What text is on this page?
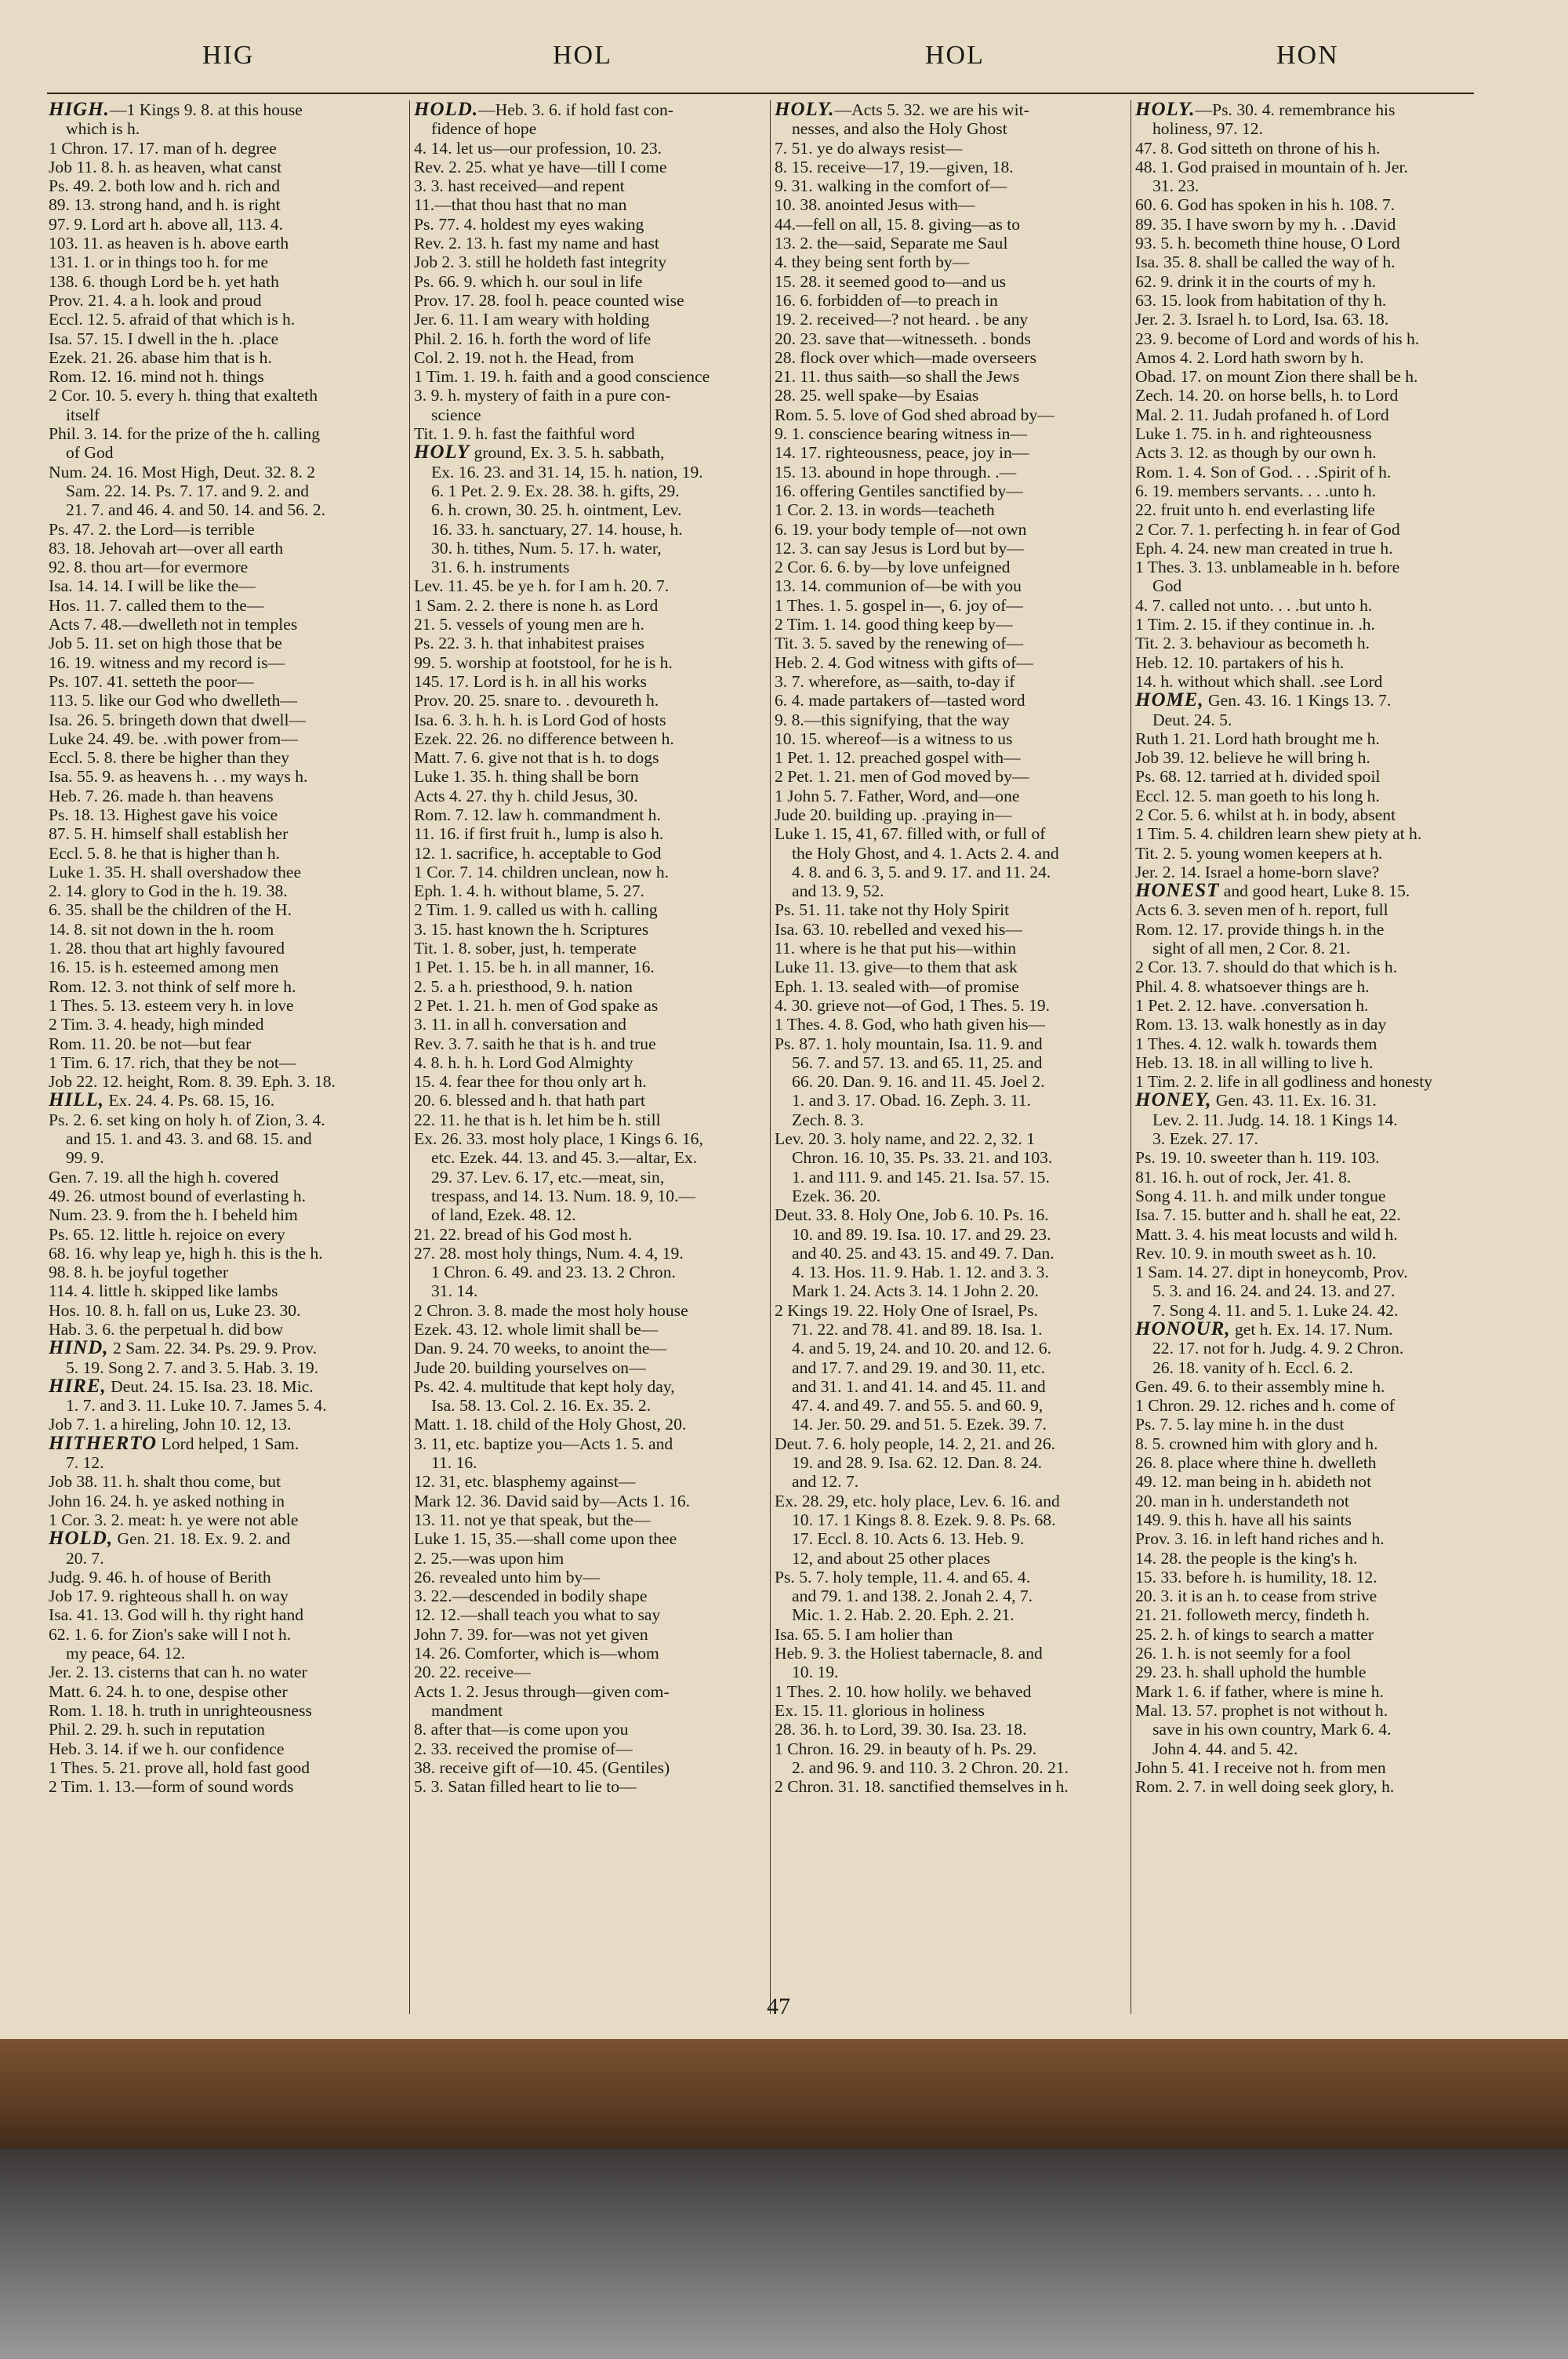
HIG	HOL	HOL	HON
HIGH.—1 Kings 9. 8. at this house
which is h.
1 Chron. 17. 17. man of h. degree
Job 11. 8. h. as heaven, what canst
Ps. 49. 2. both low and h. rich and
89. 13. strong hand, and h. is right
97. 9. Lord art h. above all, 113. 4.
103. 11. as heaven is h. above earth
131. 1. or in things too h. for me
138. 6. though Lord be h. yet hath
Prov. 21. 4. a h. look and proud
Eccl. 12. 5. afraid of that which is h.
Isa. 57. 15. I dwell in the h. .place
Ezek. 21. 26. abase him that is h.
Rom. 12. 16. mind not h. things
2 Cor. 10. 5. every h. thing that exalteth
itself
Phil. 3. 14. for the prize of the h. calling
of God
Num. 24. 16. Most High, Deut. 32. 8. 2
Sam. 22. 14. Ps. 7. 17. and 9. 2. and
21. 7. and 46. 4. and 50. 14. and 56. 2.
Ps. 47. 2. the Lord—is terrible
83. 18. Jehovah art—over all earth
92. 8. thou art—for evermore
Isa. 14. 14. I will be like the—
Hos. 11. 7. called them to the—
Acts 7. 48.—dwelleth not in temples
Job 5. 11. set on high those that be
16. 19. witness and my record is—
Ps. 107. 41. setteth the poor—
113. 5. like our God who dwelleth—
Isa. 26. 5. bringeth down that dwell—
Luke 24. 49. be. .with power from—
Eccl. 5. 8. there be higher than they
Isa. 55. 9. as heavens h. . . my ways h.
Heb. 7. 26. made h. than heavens
Ps. 18. 13. Highest gave his voice
87. 5. H. himself shall establish her
Eccl. 5. 8. he that is higher than h.
Luke 1. 35. H. shall overshadow thee
2. 14. glory to God in the h. 19. 38.
6. 35. shall be the children of the H.
14. 8. sit not down in the h. room
1. 28. thou that art highly favoured
16. 15. is h. esteemed among men
Rom. 12. 3. not think of self more h.
1 Thes. 5. 13. esteem very h. in love
2 Tim. 3. 4. heady, high minded
Rom. 11. 20. be not—but fear
1 Tim. 6. 17. rich, that they be not—
Job 22. 12. height, Rom. 8. 39. Eph. 3. 18.
HILL, Ex. 24. 4. Ps. 68. 15, 16.
Ps. 2. 6. set king on holy h. of Zion, 3. 4.
and 15. 1. and 43. 3. and 68. 15. and
99. 9.
Gen. 7. 19. all the high h. covered
49. 26. utmost bound of everlasting h.
Num. 23. 9. from the h. I beheld him
Ps. 65. 12. little h. rejoice on every
68. 16. why leap ye, high h. this is the h.
98. 8. h. be joyful together
114. 4. little h. skipped like lambs
Hos. 10. 8. h. fall on us, Luke 23. 30.
Hab. 3. 6. the perpetual h. did bow
HIND, 2 Sam. 22. 34. Ps. 29. 9. Prov.
5. 19. Song 2. 7. and 3. 5. Hab. 3. 19.
HIRE, Deut. 24. 15. Isa. 23. 18. Mic.
1. 7. and 3. 11. Luke 10. 7. James 5. 4.
Job 7. 1. a hireling, John 10. 12, 13.
HITHERTO Lord helped, 1 Sam.
7. 12.
Job 38. 11. h. shalt thou come, but
John 16. 24. h. ye asked nothing in
1 Cor. 3. 2. meat: h. ye were not able
HOLD, Gen. 21. 18. Ex. 9. 2. and
20. 7.
Judg. 9. 46. h. of house of Berith
Job 17. 9. righteous shall h. on way
Isa. 41. 13. God will h. thy right hand
62. 1. 6. for Zion's sake will I not h.
my peace, 64. 12.
Jer. 2. 13. cisterns that can h. no water
Matt. 6. 24. h. to one, despise other
Rom. 1. 18. h. truth in unrighteousness
Phil. 2. 29. h. such in reputation
Heb. 3. 14. if we h. our confidence
1 Thes. 5. 21. prove all, hold fast good
2 Tim. 1. 13.—form of sound words
HOLD.—Heb. 3. 6. if hold fast con-
fidence of hope
4. 14. let us—our profession, 10. 23.
Rev. 2. 25. what ye have—till I come
3. 3. hast received—and repent
11.—that thou hast that no man
Ps. 77. 4. holdest my eyes waking
Rev. 2. 13. h. fast my name and hast
Job 2. 3. still he holdeth fast integrity
Ps. 66. 9. which h. our soul in life
Prov. 17. 28. fool h. peace counted wise
Jer. 6. 11. I am weary with holding
Phil. 2. 16. h. forth the word of life
Col. 2. 19. not h. the Head, from
1 Tim. 1. 19. h. faith and a good conscience
3. 9. h. mystery of faith in a pure con-
science
Tit. 1. 9. h. fast the faithful word
HOLY ground, Ex. 3. 5. h. sabbath,
Ex. 16. 23. and 31. 14, 15. h. nation, 19.
6. 1 Pet. 2. 9. Ex. 28. 38. h. gifts, 29.
6. h. crown, 30. 25. h. ointment, Lev.
16. 33. h. sanctuary, 27. 14. house, h.
30. h. tithes, Num. 5. 17. h. water,
31. 6. h. instruments
Lev. 11. 45. be ye h. for I am h. 20. 7.
1 Sam. 2. 2. there is none h. as Lord
21. 5. vessels of young men are h.
Ps. 22. 3. h. that inhabitest praises
99. 5. worship at footstool, for he is h.
145. 17. Lord is h. in all his works
Prov. 20. 25. snare to. . devoureth h.
Isa. 6. 3. h. h. h. is Lord God of hosts
Ezek. 22. 26. no difference between h.
Matt. 7. 6. give not that is h. to dogs
Luke 1. 35. h. thing shall be born
Acts 4. 27. thy h. child Jesus, 30.
Rom. 7. 12. law h. commandment h.
11. 16. if first fruit h., lump is also h.
12. 1. sacrifice, h. acceptable to God
1 Cor. 7. 14. children unclean, now h.
Eph. 1. 4. h. without blame, 5. 27.
2 Tim. 1. 9. called us with h. calling
3. 15. hast known the h. Scriptures
Tit. 1. 8. sober, just, h. temperate
1 Pet. 1. 15. be h. in all manner, 16.
2. 5. a h. priesthood, 9. h. nation
2 Pet. 1. 21. h. men of God spake as
3. 11. in all h. conversation and
Rev. 3. 7. saith he that is h. and true
4. 8. h. h. h. Lord God Almighty
15. 4. fear thee for thou only art h.
20. 6. blessed and h. that hath part
22. 11. he that is h. let him be h. still
Ex. 26. 33. most holy place, 1 Kings 6. 16,
etc. Ezek. 44. 13. and 45. 3.—altar, Ex.
29. 37. Lev. 6. 17, etc.—meat, sin,
trespass, and 14. 13. Num. 18. 9, 10.—
of land, Ezek. 48. 12.
21. 22. bread of his God most h.
27. 28. most holy things, Num. 4. 4, 19.
1 Chron. 6. 49. and 23. 13. 2 Chron.
31. 14.
2 Chron. 3. 8. made the most holy house
Ezek. 43. 12. whole limit shall be—
Dan. 9. 24. 70 weeks, to anoint the—
Jude 20. building yourselves on—
Ps. 42. 4. multitude that kept holy day,
Isa. 58. 13. Col. 2. 16. Ex. 35. 2.
Matt. 1. 18. child of the Holy Ghost, 20.
3. 11, etc. baptize you—Acts 1. 5. and
11. 16.
12. 31, etc. blasphemy against—
Mark 12. 36. David said by—Acts 1. 16.
13. 11. not ye that speak, but the—
Luke 1. 15, 35.—shall come upon thee
2. 25.—was upon him
26. revealed unto him by—
3. 22.—descended in bodily shape
12. 12.—shall teach you what to say
John 7. 39. for—was not yet given
14. 26. Comforter, which is—whom
20. 22. receive—
Acts 1. 2. Jesus through—given com-
mandment
8. after that—is come upon you
2. 33. received the promise of—
38. receive gift of—10. 45. (Gentiles)
5. 3. Satan filled heart to lie to—
HOLY.—Acts 5. 32. we are his wit-
nesses, and also the Holy Ghost
7. 51. ye do always resist—
8. 15. receive—17, 19.—given, 18.
9. 31. walking in the comfort of—
10. 38. anointed Jesus with—
44.—fell on all, 15. 8. giving—as to
13. 2. the—said, Separate me Saul
4. they being sent forth by—
15. 28. it seemed good to—and us
16. 6. forbidden of—to preach in
19. 2. received—? not heard. . be any
20. 23. save that—witnesseth. . bonds
28. flock over which—made overseers
21. 11. thus saith—so shall the Jews
28. 25. well spake—by Esaias
Rom. 5. 5. love of God shed abroad by—
9. 1. conscience bearing witness in—
14. 17. righteousness, peace, joy in—
15. 13. abound in hope through. .—
16. offering Gentiles sanctified by—
1 Cor. 2. 13. in words—teacheth
6. 19. your body temple of—not own
12. 3. can say Jesus is Lord but by—
2 Cor. 6. 6. by—by love unfeigned
13. 14. communion of—be with you
1 Thes. 1. 5. gospel in—, 6. joy of—
2 Tim. 1. 14. good thing keep by—
Tit. 3. 5. saved by the renewing of—
Heb. 2. 4. God witness with gifts of—
3. 7. wherefore, as—saith, to-day if
6. 4. made partakers of—tasted word
9. 8.—this signifying, that the way
10. 15. whereof—is a witness to us
1 Pet. 1. 12. preached gospel with—
2 Pet. 1. 21. men of God moved by—
1 John 5. 7. Father, Word, and—one
Jude 20. building up. .praying in—
Luke 1. 15, 41, 67. filled with, or full of
the Holy Ghost, and 4. 1. Acts 2. 4. and
4. 8. and 6. 3, 5. and 9. 17. and 11. 24.
and 13. 9, 52.
Ps. 51. 11. take not thy Holy Spirit
Isa. 63. 10. rebelled and vexed his—
11. where is he that put his—within
Luke 11. 13. give—to them that ask
Eph. 1. 13. sealed with—of promise
4. 30. grieve not—of God, 1 Thes. 5. 19.
1 Thes. 4. 8. God, who hath given his—
Ps. 87. 1. holy mountain, Isa. 11. 9. and
56. 7. and 57. 13. and 65. 11, 25. and
66. 20. Dan. 9. 16. and 11. 45. Joel 2.
1. and 3. 17. Obad. 16. Zeph. 3. 11.
Zech. 8. 3.
Lev. 20. 3. holy name, and 22. 2, 32. 1
Chron. 16. 10, 35. Ps. 33. 21. and 103.
1. and 111. 9. and 145. 21. Isa. 57. 15.
Ezek. 36. 20.
Deut. 33. 8. Holy One, Job 6. 10. Ps. 16.
10. and 89. 19. Isa. 10. 17. and 29. 23.
and 40. 25. and 43. 15. and 49. 7. Dan.
4. 13. Hos. 11. 9. Hab. 1. 12. and 3. 3.
Mark 1. 24. Acts 3. 14. 1 John 2. 20.
2 Kings 19. 22. Holy One of Israel, Ps.
71. 22. and 78. 41. and 89. 18. Isa. 1.
4. and 5. 19, 24. and 10. 20. and 12. 6.
and 17. 7. and 29. 19. and 30. 11, etc.
and 31. 1. and 41. 14. and 45. 11. and
47. 4. and 49. 7. and 55. 5. and 60. 9,
14. Jer. 50. 29. and 51. 5. Ezek. 39. 7.
Deut. 7. 6. holy people, 14. 2, 21. and 26.
19. and 28. 9. Isa. 62. 12. Dan. 8. 24.
and 12. 7.
Ex. 28. 29, etc. holy place, Lev. 6. 16. and
10. 17. 1 Kings 8. 8. Ezek. 9. 8. Ps. 68.
17. Eccl. 8. 10. Acts 6. 13. Heb. 9.
12, and about 25 other places
Ps. 5. 7. holy temple, 11. 4. and 65. 4.
and 79. 1. and 138. 2. Jonah 2. 4, 7.
Mic. 1. 2. Hab. 2. 20. Eph. 2. 21.
Isa. 65. 5. I am holier than
Heb. 9. 3. the Holiest tabernacle, 8. and
10. 19.
1 Thes. 2. 10. how holily. we behaved
Ex. 15. 11. glorious in holiness
28. 36. h. to Lord, 39. 30. Isa. 23. 18.
1 Chron. 16. 29. in beauty of h. Ps. 29.
2. and 96. 9. and 110. 3. 2 Chron. 20. 21.
2 Chron. 31. 18. sanctified themselves in h.
HOLY.—Ps. 30. 4. remembrance his
holiness, 97. 12.
47. 8. God sitteth on throne of his h.
48. 1. God praised in mountain of h. Jer.
31. 23.
60. 6. God has spoken in his h. 108. 7.
89. 35. I have sworn by my h. . .David
93. 5. h. becometh thine house, O Lord
Isa. 35. 8. shall be called the way of h.
62. 9. drink it in the courts of my h.
63. 15. look from habitation of thy h.
Jer. 2. 3. Israel h. to Lord, Isa. 63. 18.
23. 9. become of Lord and words of his h.
Amos 4. 2. Lord hath sworn by h.
Obad. 17. on mount Zion there shall be h.
Zech. 14. 20. on horse bells, h. to Lord
Mal. 2. 11. Judah profaned h. of Lord
Luke 1. 75. in h. and righteousness
Acts 3. 12. as though by our own h.
Rom. 1. 4. Son of God. . . .Spirit of h.
6. 19. members servants. . . .unto h.
22. fruit unto h. end everlasting life
2 Cor. 7. 1. perfecting h. in fear of God
Eph. 4. 24. new man created in true h.
1 Thes. 3. 13. unblameable in h. before
God
4. 7. called not unto. . . .but unto h.
1 Tim. 2. 15. if they continue in. .h.
Tit. 2. 3. behaviour as becometh h.
Heb. 12. 10. partakers of his h.
14. h. without which shall. .see Lord
HOME, Gen. 43. 16. 1 Kings 13. 7.
Deut. 24. 5.
Ruth 1. 21. Lord hath brought me h.
Job 39. 12. believe he will bring h.
Ps. 68. 12. tarried at h. divided spoil
Eccl. 12. 5. man goeth to his long h.
2 Cor. 5. 6. whilst at h. in body, absent
1 Tim. 5. 4. children learn shew piety at h.
Tit. 2. 5. young women keepers at h.
Jer. 2. 14. Israel a home-born slave?
HONEST and good heart, Luke 8. 15.
Acts 6. 3. seven men of h. report, full
Rom. 12. 17. provide things h. in the
sight of all men, 2 Cor. 8. 21.
2 Cor. 13. 7. should do that which is h.
Phil. 4. 8. whatsoever things are h.
1 Pet. 2. 12. have. .conversation h.
Rom. 13. 13. walk honestly as in day
1 Thes. 4. 12. walk h. towards them
Heb. 13. 18. in all willing to live h.
1 Tim. 2. 2. life in all godliness and honesty
HONEY, Gen. 43. 11. Ex. 16. 31.
Lev. 2. 11. Judg. 14. 18. 1 Kings 14.
3. Ezek. 27. 17.
Ps. 19. 10. sweeter than h. 119. 103.
81. 16. h. out of rock, Jer. 41. 8.
Song 4. 11. h. and milk under tongue
Isa. 7. 15. butter and h. shall he eat, 22.
Matt. 3. 4. his meat locusts and wild h.
Rev. 10. 9. in mouth sweet as h. 10.
1 Sam. 14. 27. dipt in honeycomb, Prov.
5. 3. and 16. 24. and 24. 13. and 27.
7. Song 4. 11. and 5. 1. Luke 24. 42.
HONOUR, get h. Ex. 14. 17. Num.
22. 17. not for h. Judg. 4. 9. 2 Chron.
26. 18. vanity of h. Eccl. 6. 2.
Gen. 49. 6. to their assembly mine h.
1 Chron. 29. 12. riches and h. come of
Ps. 7. 5. lay mine h. in the dust
8. 5. crowned him with glory and h.
26. 8. place where thine h. dwelleth
49. 12. man being in h. abideth not
20. man in h. understandeth not
149. 9. this h. have all his saints
Prov. 3. 16. in left hand riches and h.
14. 28. the people is the king's h.
15. 33. before h. is humility, 18. 12.
20. 3. it is an h. to cease from strive
21. 21. followeth mercy, findeth h.
25. 2. h. of kings to search a matter
26. 1. h. is not seemly for a fool
29. 23. h. shall uphold the humble
Mark 1. 6. if father, where is mine h.
Mal. 13. 57. prophet is not without h.
save in his own country, Mark 6. 4.
John 4. 44. and 5. 42.
John 5. 41. I receive not h. from men
Rom. 2. 7. in well doing seek glory, h.
47
